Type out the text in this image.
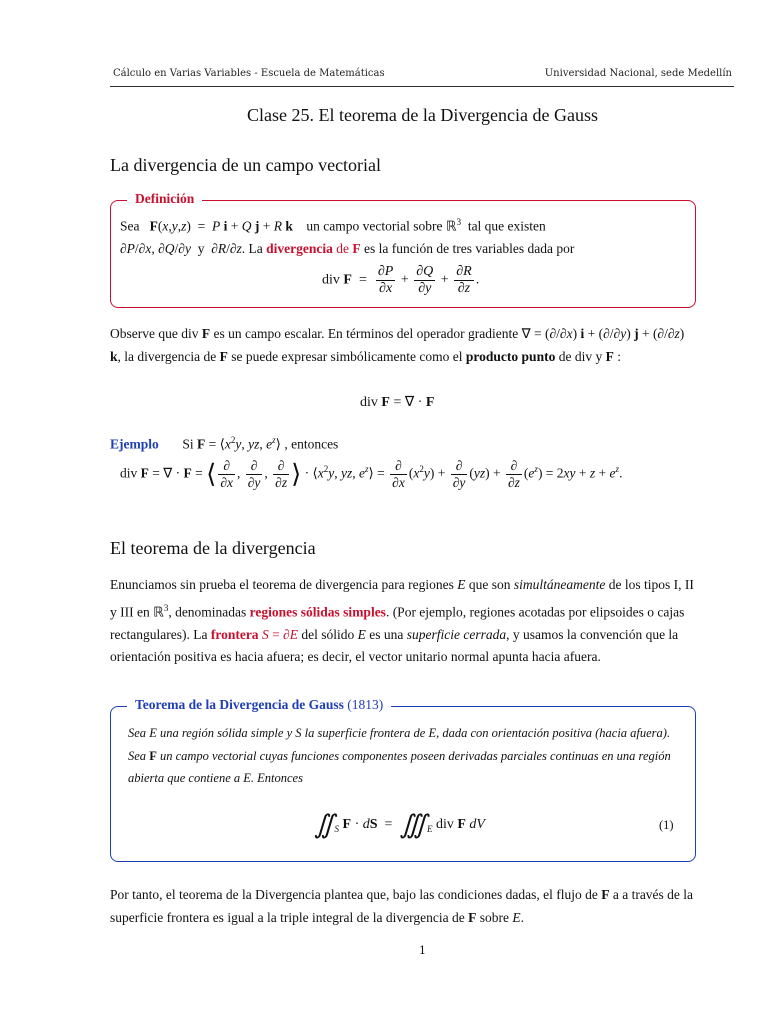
Cálculo en Varias Variables - Escuela de Matemáticas	Universidad Nacional, sede Medellín
Clase 25. El teorema de la Divergencia de Gauss
La divergencia de un campo vectorial
Definición
Sea F(x,y,z)  =  P i + Q j + R k un campo vectorial sobre ℝ$^3$ tal que existen
∂P/∂x, ∂Q/∂y  y  ∂R/∂z. La divergencia de F es la función de tres variables dada por
div $F = \frac{\partial P}{\partial x} + \frac{\partial Q}{\partial y} + \frac{\partial R}{\partial z}$ .
Observe que div F es un campo escalar. En términos del operador gradiente ∇ = (∂/∂x) i + (∂/∂y) j + (∂/∂z) k, la divergencia de F se puede expresar simbólicamente como el producto punto de div y F :
div F = ∇ · F
Ejemplo Si $F = ⟨x^2y$, yz, $e^z⟩$ , entonces
div F = ∇ · F = ⟨ $\frac{\partial}{\partial x}$ , $\frac{\partial}{\partial y}$ , $\frac{\partial}{\partial z}$ ⟩ · $⟨x^2y$, yz, $e^z⟩ = \frac{\partial}{\partial x} (x^2y) + \frac{\partial}{\partial y} (yz) + \frac{\partial}{\partial z} (e^z) = 2xy + z + e^z$.
El teorema de la divergencia
Enunciamos sin prueba el teorema de divergencia para regiones E que son simultáneamente de los tipos I, II y III en ℝ$^3$, denominadas regiones sólidas simples. (Por ejemplo, regiones acotadas por elipsoides o cajas rectangulares). La frontera S = ∂E del sólido E es una superficie cerrada, y usamos la convención que la orientación positiva es hacia afuera; es decir, el vector unitario normal apunta hacia afuera.
Teorema de la Divergencia de Gauss (1813)
Sea E una región sólida simple y S la superficie frontera de E, dada con orientación positiva (hacia afuera). Sea F un campo vectorial cuyas funciones componentes poseen derivadas parciales continuas en una región abierta que contiene a E. Entonces
$∬_S$ F · dS  =  $∭_E$ div F dV	(1)
Por tanto, el teorema de la Divergencia plantea que, bajo las condiciones dadas, el flujo de F a a través de la superficie frontera es igual a la triple integral de la divergencia de F sobre E.
1
